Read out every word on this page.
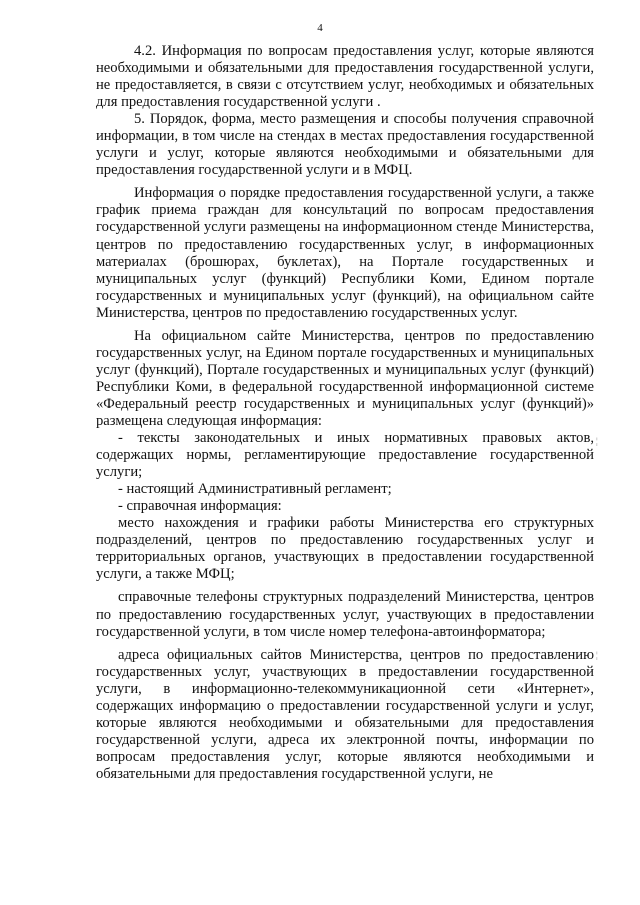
4

4.2. Информация по вопросам предоставления услуг, которые являются необходимыми и обязательными для предоставления государственной услуги, не предоставляется, в связи с отсутствием услуг, необходимых и обязательных для предоставления государственной услуги .

5. Порядок, форма, место размещения и способы получения справочной информации, в том числе на стендах в местах предоставления государственной услуги и услуг, которые являются необходимыми и обязательными для предоставления государственной услуги и в МФЦ.

Информация о порядке предоставления государственной услуги, а также график приема граждан для консультаций по вопросам предоставления государственной услуги размещены на информационном стенде Министерства, центров по предоставлению государственных услуг, в информационных материалах (брошюрах, буклетах), на Портале государственных и муниципальных услуг (функций) Республики Коми, Едином портале государственных и муниципальных услуг (функций), на официальном сайте Министерства, центров по предоставлению государственных услуг.

На официальном сайте Министерства, центров по предоставлению государственных услуг, на Едином портале государственных и муниципальных услуг (функций), Портале государственных и муниципальных услуг (функций) Республики Коми, в федеральной государственной информационной системе «Федеральный реестр государственных и муниципальных услуг (функций)» размещена следующая информация:

- тексты законодательных и иных нормативных правовых актов, содержащих нормы, регламентирующие предоставление государственной услуги;

- настоящий Административный регламент;

- справочная информация:

место нахождения и графики работы Министерства его структурных подразделений, центров по предоставлению государственных услуг и территориальных органов, участвующих в предоставлении государственной услуги, а также МФЦ;

справочные телефоны структурных подразделений Министерства, центров по предоставлению государственных услуг, участвующих в предоставлении государственной услуги, в том числе номер телефона-автоинформатора;

адреса официальных сайтов Министерства, центров по предоставлению государственных услуг, участвующих в предоставлении государственной услуги, в информационно-телекоммуникационной сети «Интернет», содержащих информацию о предоставлении государственной услуги и услуг, которые являются необходимыми и обязательными для предоставления государственной услуги, адреса их электронной почты, информации по вопросам предоставления услуг, которые являются необходимыми и обязательными для предоставления государственной услуги, не

¦
¦
